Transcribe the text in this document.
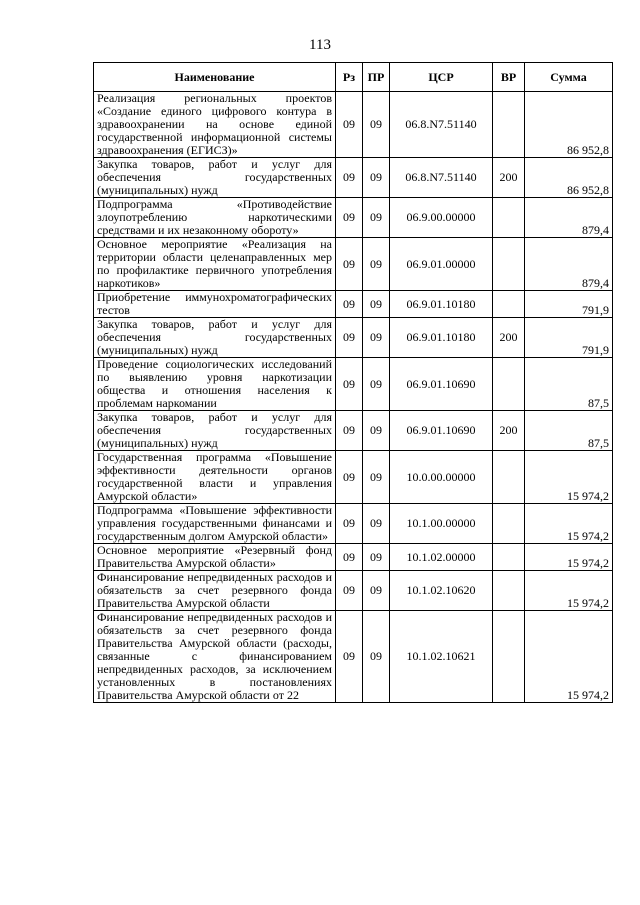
113
Наименование	Рз	ПР	ЦСР	ВР	Сумма
Реализация региональных проектов «Создание единого цифрового контура в здравоохранении на основе единой государственной информационной системы здравоохранения (ЕГИСЗ)»	09	09	06.8.N7.51140		86 952,8
Закупка товаров, работ и услуг для обеспечения государственных (муниципальных) нужд	09	09	06.8.N7.51140	200	86 952,8
Подпрограмма «Противодействие злоупотреблению наркотическими средствами и их незаконному обороту»	09	09	06.9.00.00000		879,4
Основное мероприятие «Реализация на территории области целенаправленных мер по профилактике первичного употребления наркотиков»	09	09	06.9.01.00000		879,4
Приобретение иммунохроматографических тестов	09	09	06.9.01.10180		791,9
Закупка товаров, работ и услуг для обеспечения государственных (муниципальных) нужд	09	09	06.9.01.10180	200	791,9
Проведение социологических исследований по выявлению уровня наркотизации общества и отношения населения к проблемам наркомании	09	09	06.9.01.10690		87,5
Закупка товаров, работ и услуг для обеспечения государственных (муниципальных) нужд	09	09	06.9.01.10690	200	87,5
Государственная программа «Повышение эффективности деятельности органов государственной власти и управления Амурской области»	09	09	10.0.00.00000		15 974,2
Подпрограмма «Повышение эффективности управления государственными финансами и государственным долгом Амурской области»	09	09	10.1.00.00000		15 974,2
Основное мероприятие «Резервный фонд Правительства Амурской области»	09	09	10.1.02.00000		15 974,2
Финансирование непредвиденных расходов и обязательств за счет резервного фонда Правительства Амурской области	09	09	10.1.02.10620		15 974,2
Финансирование непредвиденных расходов и обязательств за счет резервного фонда Правительства Амурской области (расходы, связанные с финансированием непредвиденных расходов, за исключением установленных в постановлениях Правительства Амурской области от 22	09	09	10.1.02.10621		15 974,2
